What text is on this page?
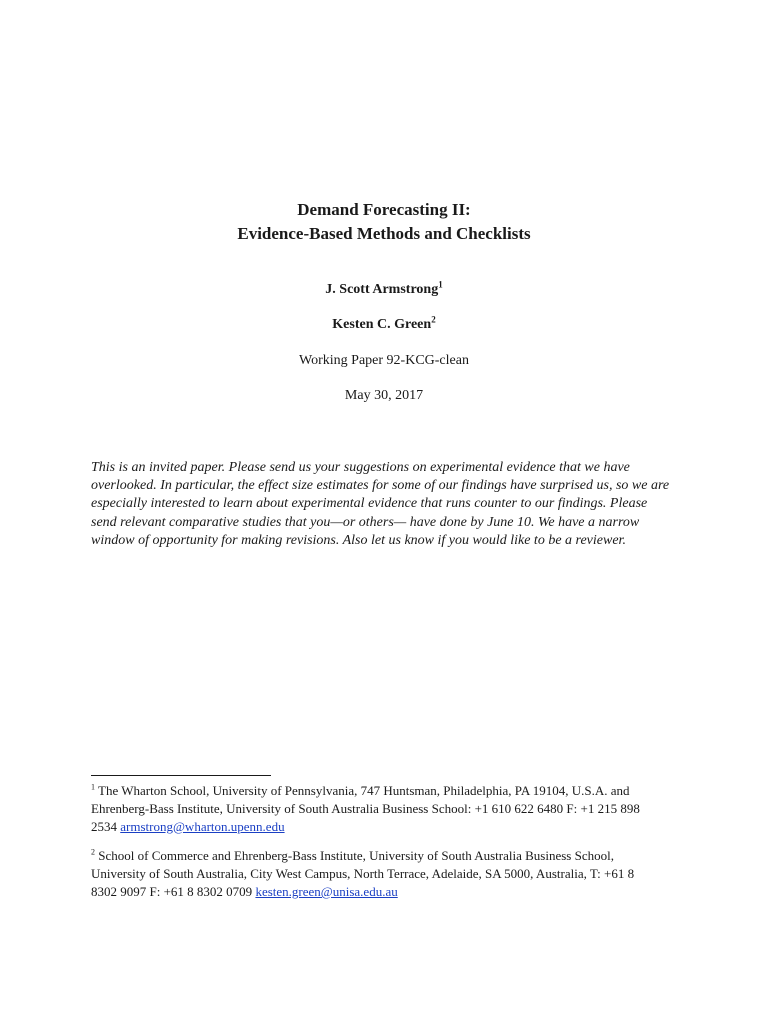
Demand Forecasting II:

Evidence-Based Methods and Checklists

J. Scott Armstrong$^1$
Kesten C. Green$^2$
Working Paper 92-KCG-clean
May 30, 2017

This is an invited paper. Please send us your suggestions on experimental evidence that we have
overlooked. In particular, the effect size estimates for some of our findings have surprised us, so we are
especially interested to learn about experimental evidence that runs counter to our findings. Please
send relevant comparative studies that you—or others— have done by June 10. We have a narrow
window of opportunity for making revisions. Also let us know if you would like to be a reviewer.

$^1$ The Wharton School, University of Pennsylvania, 747 Huntsman, Philadelphia, PA 19104, U.S.A. and
Ehrenberg-Bass Institute, University of South Australia Business School: +1 610 622 6480 F: +1 215 898
2534 armstrong@wharton.upenn.edu

$^2$ School of Commerce and Ehrenberg-Bass Institute, University of South Australia Business School,
University of South Australia, City West Campus, North Terrace, Adelaide, SA 5000, Australia, T: +61 8
8302 9097 F: +61 8 8302 0709 kesten.green@unisa.edu.au
